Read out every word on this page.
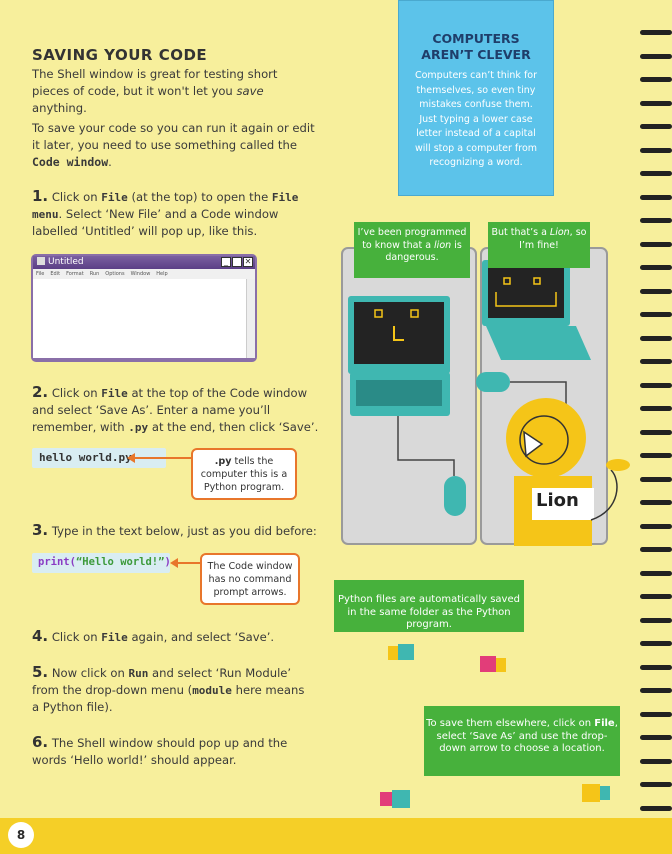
SAVING YOUR CODE
The Shell window is great for testing short pieces of code, but it won't let you save anything.
To save your code so you can run it again or edit it later, you need to use something called the Code window.
1. Click on File (at the top) to open the File menu. Select ‘New File’ and a Code window labelled ‘Untitled’ will pop up, like this.
Untitled	_	✕
File Edit Format Run Options Window Help
2. Click on File at the top of the Code window and select ‘Save As’. Enter a name you’ll remember, with .py at the end, then click ‘Save’.
hello world.py	.py tells the computer this is a Python program.
3. Type in the text below, just as you did before:
print(“Hello world!”)	The Code window has no command prompt arrows.
4. Click on File again, and select ‘Save’.
5. Now click on Run and select ‘Run Module’ from the drop-down menu (module here means a Python file).
6. The Shell window should pop up and the words ‘Hello world!’ should appear.
COMPUTERS
AREN’T CLEVER
Computers can’t think for themselves, so even tiny mistakes confuse them. Just typing a lower case letter instead of a capital will stop a computer from recognizing a word.
Lion
I’ve been programmed to know that a lion is dangerous.
But that’s a Lion, so I’m fine!
Python files are automatically saved in the same folder as the Python program.
To save them elsewhere, click on File, select ‘Save As’ and use the drop-down arrow to choose a location.
8
